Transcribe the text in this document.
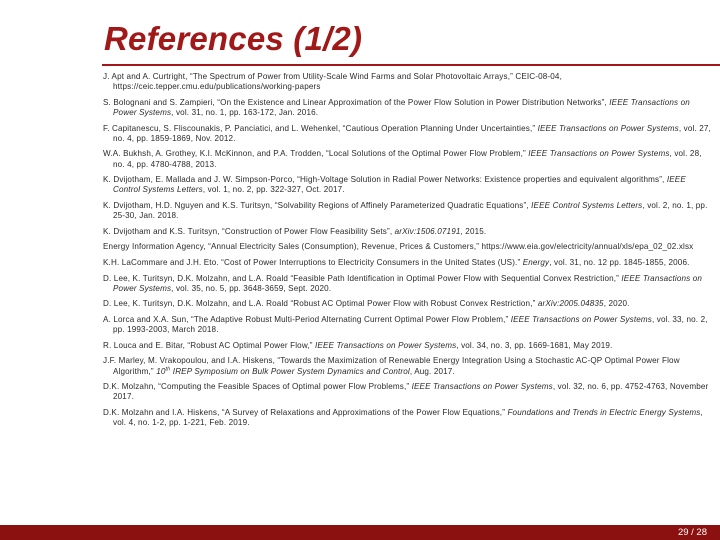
References (1/2)
References
J. Apt and A. Curtright, “The Spectrum of Power from Utility-Scale Wind Farms and Solar Photovoltaic Arrays,” CEIC-08-04, https://ceic.tepper.cmu.edu/publications/working-papers
S. Bolognani and S. Zampieri, “On the Existence and Linear Approximation of the Power Flow Solution in Power Distribution Networks”, IEEE Transactions on Power Systems, vol. 31, no. 1, pp. 163-172, Jan. 2016.
F. Capitanescu, S. Fliscounakis, P. Panciatici, and L. Wehenkel, “Cautious Operation Planning Under Uncertainties,” IEEE Transactions on Power Systems, vol. 27, no. 4, pp. 1859-1869, Nov. 2012.
W.A. Bukhsh, A. Grothey, K.I. McKinnon, and P.A. Trodden, “Local Solutions of the Optimal Power Flow Problem,” IEEE Transactions on Power Systems, vol. 28, no. 4, pp. 4780-4788, 2013.
K. Dvijotham, E. Mallada and J. W. Simpson-Porco, “High-Voltage Solution in Radial Power Networks: Existence properties and equivalent algorithms”, IEEE Control Systems Letters, vol. 1, no. 2, pp. 322-327, Oct. 2017.
K. Dvijotham, H.D. Nguyen and K.S. Turitsyn, “Solvability Regions of Affinely Parameterized Quadratic Equations”, IEEE Control Systems Letters, vol. 2, no. 1, pp. 25-30, Jan. 2018.
K. Dvijotham and K.S. Turitsyn, “Construction of Power Flow Feasibility Sets”, arXiv:1506.07191, 2015.
Energy Information Agency, “Annual Electricity Sales (Consumption), Revenue, Prices & Customers,” https://www.eia.gov/electricity/annual/xls/epa_02_02.xlsx
K.H. LaCommare and J.H. Eto. “Cost of Power Interruptions to Electricity Consumers in the United States (US).” Energy, vol. 31, no. 12 pp. 1845-1855, 2006.
D. Lee, K. Turitsyn, D.K. Molzahn, and L.A. Roald “Feasible Path Identification in Optimal Power Flow with Sequential Convex Restriction,” IEEE Transactions on Power Systems, vol. 35, no. 5, pp. 3648-3659, Sept. 2020.
D. Lee, K. Turitsyn, D.K. Molzahn, and L.A. Roald “Robust AC Optimal Power Flow with Robust Convex Restriction,” arXiv:2005.04835, 2020.
A. Lorca and X.A. Sun, “The Adaptive Robust Multi-Period Alternating Current Optimal Power Flow Problem,” IEEE Transactions on Power Systems, vol. 33, no. 2, pp. 1993-2003, March 2018.
R. Louca and E. Bitar, “Robust AC Optimal Power Flow,” IEEE Transactions on Power Systems, vol. 34, no. 3, pp. 1669-1681, May 2019.
J.F. Marley, M. Vrakopoulou, and I.A. Hiskens, “Towards the Maximization of Renewable Energy Integration Using a Stochastic AC-QP Optimal Power Flow Algorithm,” 10th IREP Symposium on Bulk Power System Dynamics and Control, Aug. 2017.
D.K. Molzahn, “Computing the Feasible Spaces of Optimal power Flow Problems,” IEEE Transactions on Power Systems, vol. 32, no. 6, pp. 4752-4763, November 2017.
D.K. Molzahn and I.A. Hiskens, “A Survey of Relaxations and Approximations of the Power Flow Equations,” Foundations and Trends in Electric Energy Systems, vol. 4, no. 1-2, pp. 1-221, Feb. 2019.
29 / 28
